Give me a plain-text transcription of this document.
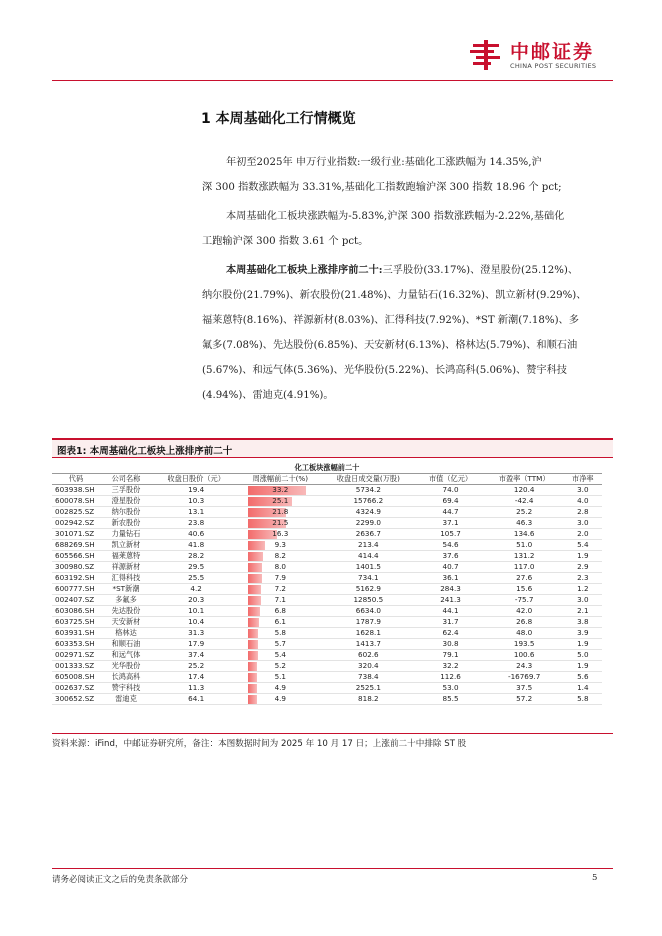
中邮证券
CHINA POST SECURITIES
1 本周基础化工行情概览
年初至2025年 申万行业指数:一级行业:基础化工涨跌幅为 14.35%,沪
深 300 指数涨跌幅为 33.31%,基础化工指数跑输沪深 300 指数 18.96 个 pct;
本周基础化工板块涨跌幅为-5.83%,沪深 300 指数涨跌幅为-2.22%,基础化
工跑输沪深 300 指数 3.61 个 pct。
本周基础化工板块上涨排序前二十:三孚股份(33.17%)、澄星股份(25.12%)、
纳尔股份(21.79%)、新农股份(21.48%)、力量钻石(16.32%)、凯立新材(9.29%)、
福莱蒽特(8.16%)、祥源新材(8.03%)、汇得科技(7.92%)、*ST 新潮(7.18%)、多
氟多(7.08%)、先达股份(6.85%)、天安新材(6.13%)、格林达(5.79%)、和顺石油
(5.67%)、和远气体(5.36%)、光华股份(5.22%)、长鸿高科(5.06%)、赞宇科技
(4.94%)、雷迪克(4.91%)。
图表1: 本周基础化工板块上涨排序前二十
化工板块涨幅前二十							
代码	公司名称	收盘日股价（元）	周涨幅前二十(%)	收盘日成交量(万股)	市值（亿元）	市盈率（TTM）	市净率
603938.SH	三孚股份	19.4	33.2	5734.2	74.0	120.4	3.0
600078.SH	澄星股份	10.3	25.1	15766.2	69.4	-42.4	4.0
002825.SZ	纳尔股份	13.1	21.8	4324.9	44.7	25.2	2.8
002942.SZ	新农股份	23.8	21.5	2299.0	37.1	46.3	3.0
301071.SZ	力量钻石	40.6	16.3	2636.7	105.7	134.6	2.0
688269.SH	凯立新材	41.8	9.3	213.4	54.6	51.0	5.4
605566.SH	福莱蒽特	28.2	8.2	414.4	37.6	131.2	1.9
300980.SZ	祥源新材	29.5	8.0	1401.5	40.7	117.0	2.9
603192.SH	汇得科技	25.5	7.9	734.1	36.1	27.6	2.3
600777.SH	*ST新潮	4.2	7.2	5162.9	284.3	15.6	1.2
002407.SZ	多氟多	20.3	7.1	12850.5	241.3	-75.7	3.0
603086.SH	先达股份	10.1	6.8	6634.0	44.1	42.0	2.1
603725.SH	天安新材	10.4	6.1	1787.9	31.7	26.8	3.8
603931.SH	格林达	31.3	5.8	1628.1	62.4	48.0	3.9
603353.SH	和顺石油	17.9	5.7	1413.7	30.8	193.5	1.9
002971.SZ	和远气体	37.4	5.4	602.6	79.1	100.6	5.0
001333.SZ	光华股份	25.2	5.2	320.4	32.2	24.3	1.9
605008.SH	长鸿高科	17.4	5.1	738.4	112.6	-16769.7	5.6
002637.SZ	赞宇科技	11.3	4.9	2525.1	53.0	37.5	1.4
300652.SZ	雷迪克	64.1	4.9	818.2	85.5	57.2	5.8
资料来源：iFind，中邮证券研究所，备注：本图数据时间为 2025 年 10 月 17 日；上涨前二十中排除 ST 股
请务必阅读正文之后的免责条款部分	5
